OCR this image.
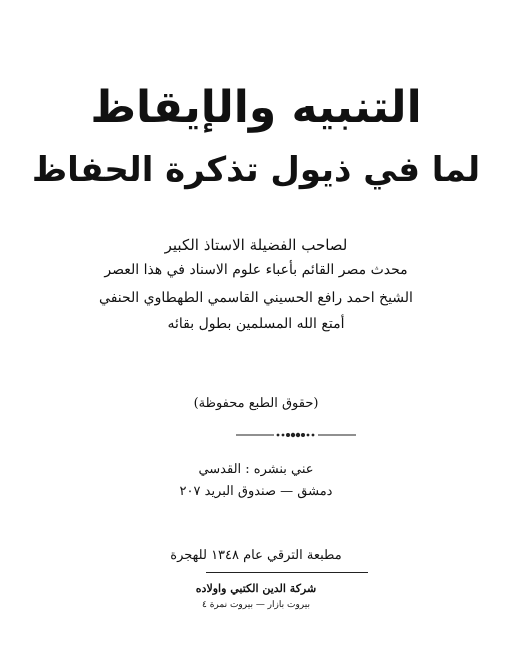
التنبيه والإيقاظ
لما في ذيول تذكرة الحفاظ
لصاحب الفضيلة الاستاذ الكبير
محدث مصر القائم بأعباء علوم الاسناد في هذا العصر
الشيخ احمد رافع الحسيني القاسمي الطهطاوي الحنفي
أمتع الله المسلمين بطول بقائه
(حقوق الطبع محفوظة)
عني بنشره : القدسي
دمشق — صندوق البريد ٢٠٧
مطبعة الترقي عام ١٣٤٨ للهجرة
شركة الدين الكتبي واولاده
بيروت بازار — بيروت نمرة ٤
